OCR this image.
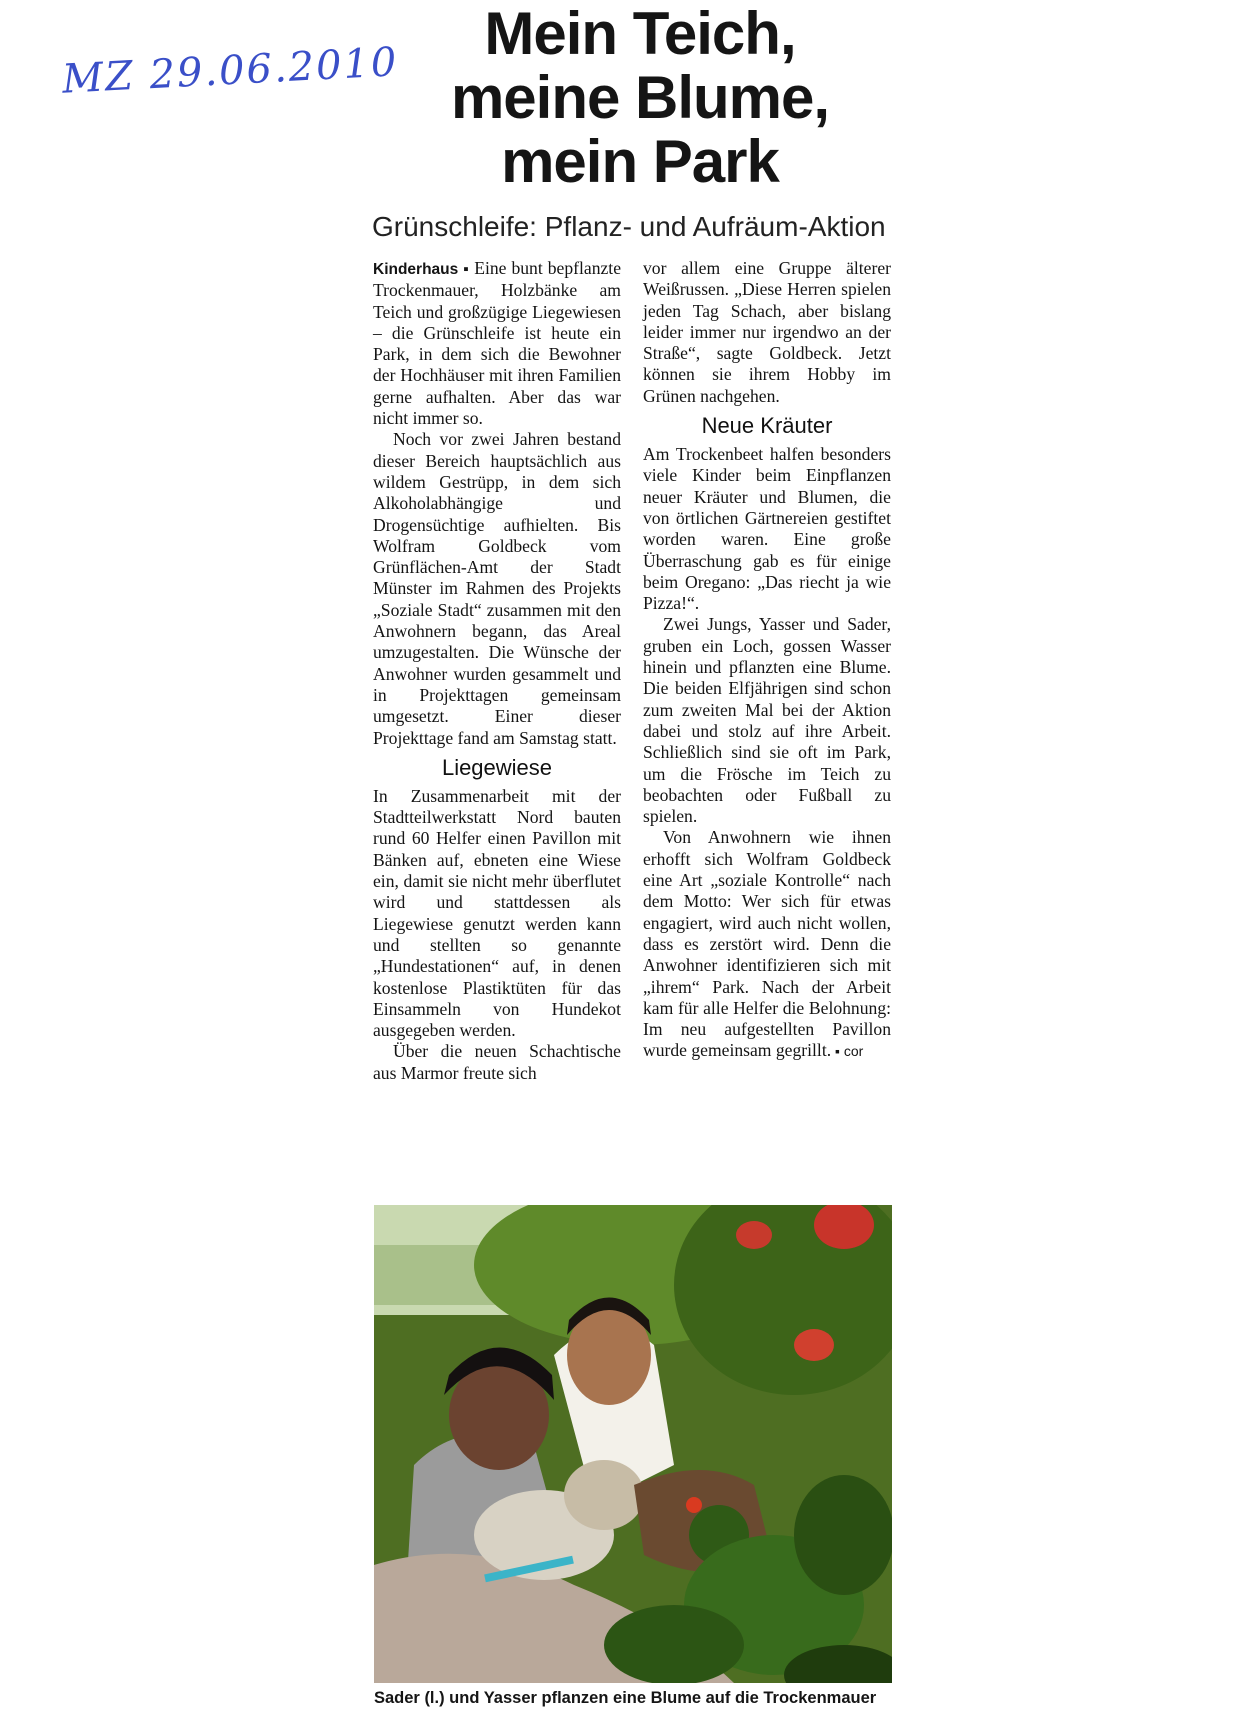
MZ 29.06.2010
Mein Teich,
meine Blume,
mein Park
Grünschleife: Pflanz- und Aufräum-Aktion

Kinderhaus ▪ Eine bunt bepflanzte Trockenmauer, Holzbänke am Teich und großzügige Liegewiesen – die Grünschleife ist heute ein Park, in dem sich die Bewohner der Hochhäuser mit ihren Familien gerne aufhalten. Aber das war nicht immer so.

Noch vor zwei Jahren bestand dieser Bereich hauptsächlich aus wildem Gestrüpp, in dem sich Alkoholabhängige und Drogensüchtige aufhielten. Bis Wolfram Goldbeck vom Grünflächen-Amt der Stadt Münster im Rahmen des Projekts „Soziale Stadt“ zusammen mit den Anwohnern begann, das Areal umzugestalten. Die Wünsche der Anwohner wurden gesammelt und in Projekttagen gemeinsam umgesetzt. Einer dieser Projekttage fand am Samstag statt.

Liegewiese

In Zusammenarbeit mit der Stadtteilwerkstatt Nord bauten rund 60 Helfer einen Pavillon mit Bänken auf, ebneten eine Wiese ein, damit sie nicht mehr überflutet wird und stattdessen als Liegewiese genutzt werden kann und stellten so genannte „Hundestationen“ auf, in denen kostenlose Plastiktüten für das Einsammeln von Hundekot ausgegeben werden.

Über die neuen Schachtische aus Marmor freute sich

vor allem eine Gruppe älterer Weißrussen. „Diese Herren spielen jeden Tag Schach, aber bislang leider immer nur irgendwo an der Straße“, sagte Goldbeck. Jetzt können sie ihrem Hobby im Grünen nachgehen.

Neue Kräuter

Am Trockenbeet halfen besonders viele Kinder beim Einpflanzen neuer Kräuter und Blumen, die von örtlichen Gärtnereien gestiftet worden waren. Eine große Überraschung gab es für einige beim Oregano: „Das riecht ja wie Pizza!“.

Zwei Jungs, Yasser und Sader, gruben ein Loch, gossen Wasser hinein und pflanzten eine Blume. Die beiden Elfjährigen sind schon zum zweiten Mal bei der Aktion dabei und stolz auf ihre Arbeit. Schließlich sind sie oft im Park, um die Frösche im Teich zu beobachten oder Fußball zu spielen.

Von Anwohnern wie ihnen erhofft sich Wolfram Goldbeck eine Art „soziale Kontrolle“ nach dem Motto: Wer sich für etwas engagiert, wird auch nicht wollen, dass es zerstört wird. Denn die Anwohner identifizieren sich mit „ihrem“ Park. Nach der Arbeit kam für alle Helfer die Belohnung: Im neu aufgestellten Pavillon wurde gemeinsam gegrillt. ▪ cor

Sader (l.) und Yasser pflanzen eine Blume auf die Trockenmauer
